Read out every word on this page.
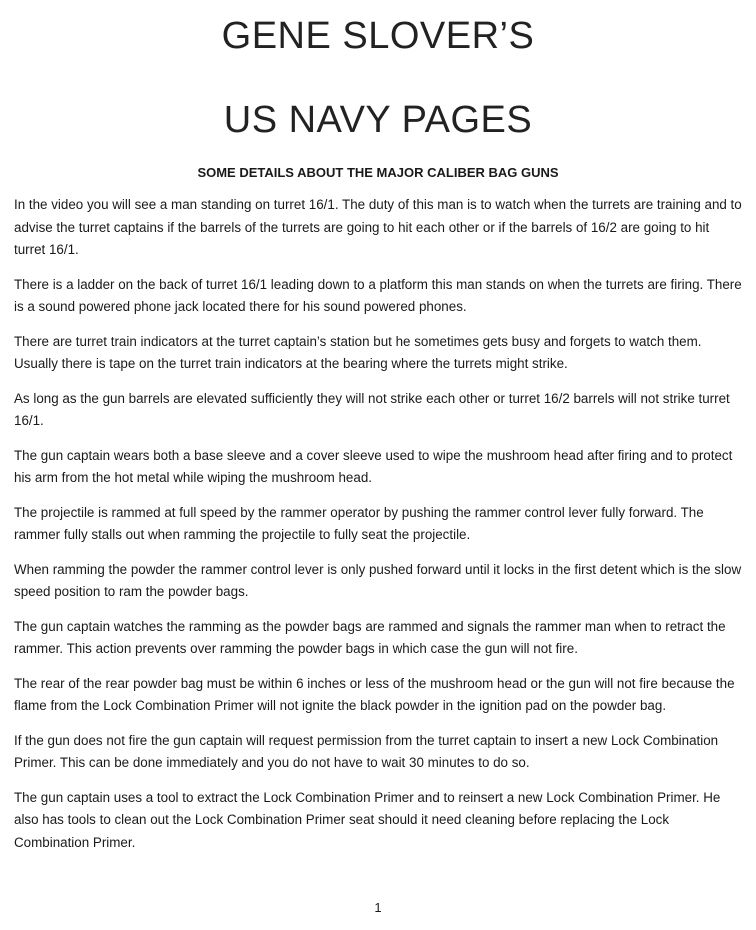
GENE SLOVER’S
US NAVY PAGES
SOME DETAILS ABOUT THE MAJOR CALIBER BAG GUNS

In the video you will see a man standing on turret 16/1. The duty of this man is to watch when the turrets are training and to advise the turret captains if the barrels of the turrets are going to hit each other or if the barrels of 16/2 are going to hit turret 16/1.

There is a ladder on the back of turret 16/1 leading down to a platform this man stands on when the turrets are firing. There is a sound powered phone jack located there for his sound powered phones.

There are turret train indicators at the turret captain’s station but he sometimes gets busy and forgets to watch them. Usually there is tape on the turret train indicators at the bearing where the turrets might strike.

As long as the gun barrels are elevated sufficiently they will not strike each other or turret 16/2 barrels will not strike turret 16/1.

The gun captain wears both a base sleeve and a cover sleeve used to wipe the mushroom head after firing and to protect his arm from the hot metal while wiping the mushroom head.

The projectile is rammed at full speed by the rammer operator by pushing the rammer control lever fully forward. The rammer fully stalls out when ramming the projectile to fully seat the projectile.

When ramming the powder the rammer control lever is only pushed forward until it locks in the first detent which is the slow speed position to ram the powder bags.

The gun captain watches the ramming as the powder bags are rammed and signals the rammer man when to retract the rammer. This action prevents over ramming the powder bags in which case the gun will not fire.

The rear of the rear powder bag must be within 6 inches or less of the mushroom head or the gun will not fire because the flame from the Lock Combination Primer will not ignite the black powder in the ignition pad on the powder bag.

If the gun does not fire the gun captain will request permission from the turret captain to insert a new Lock Combination Primer. This can be done immediately and you do not have to wait 30 minutes to do so.

The gun captain uses a tool to extract the Lock Combination Primer and to reinsert a new Lock Combination Primer. He also has tools to clean out the Lock Combination Primer seat should it need cleaning before replacing the Lock Combination Primer.

1
